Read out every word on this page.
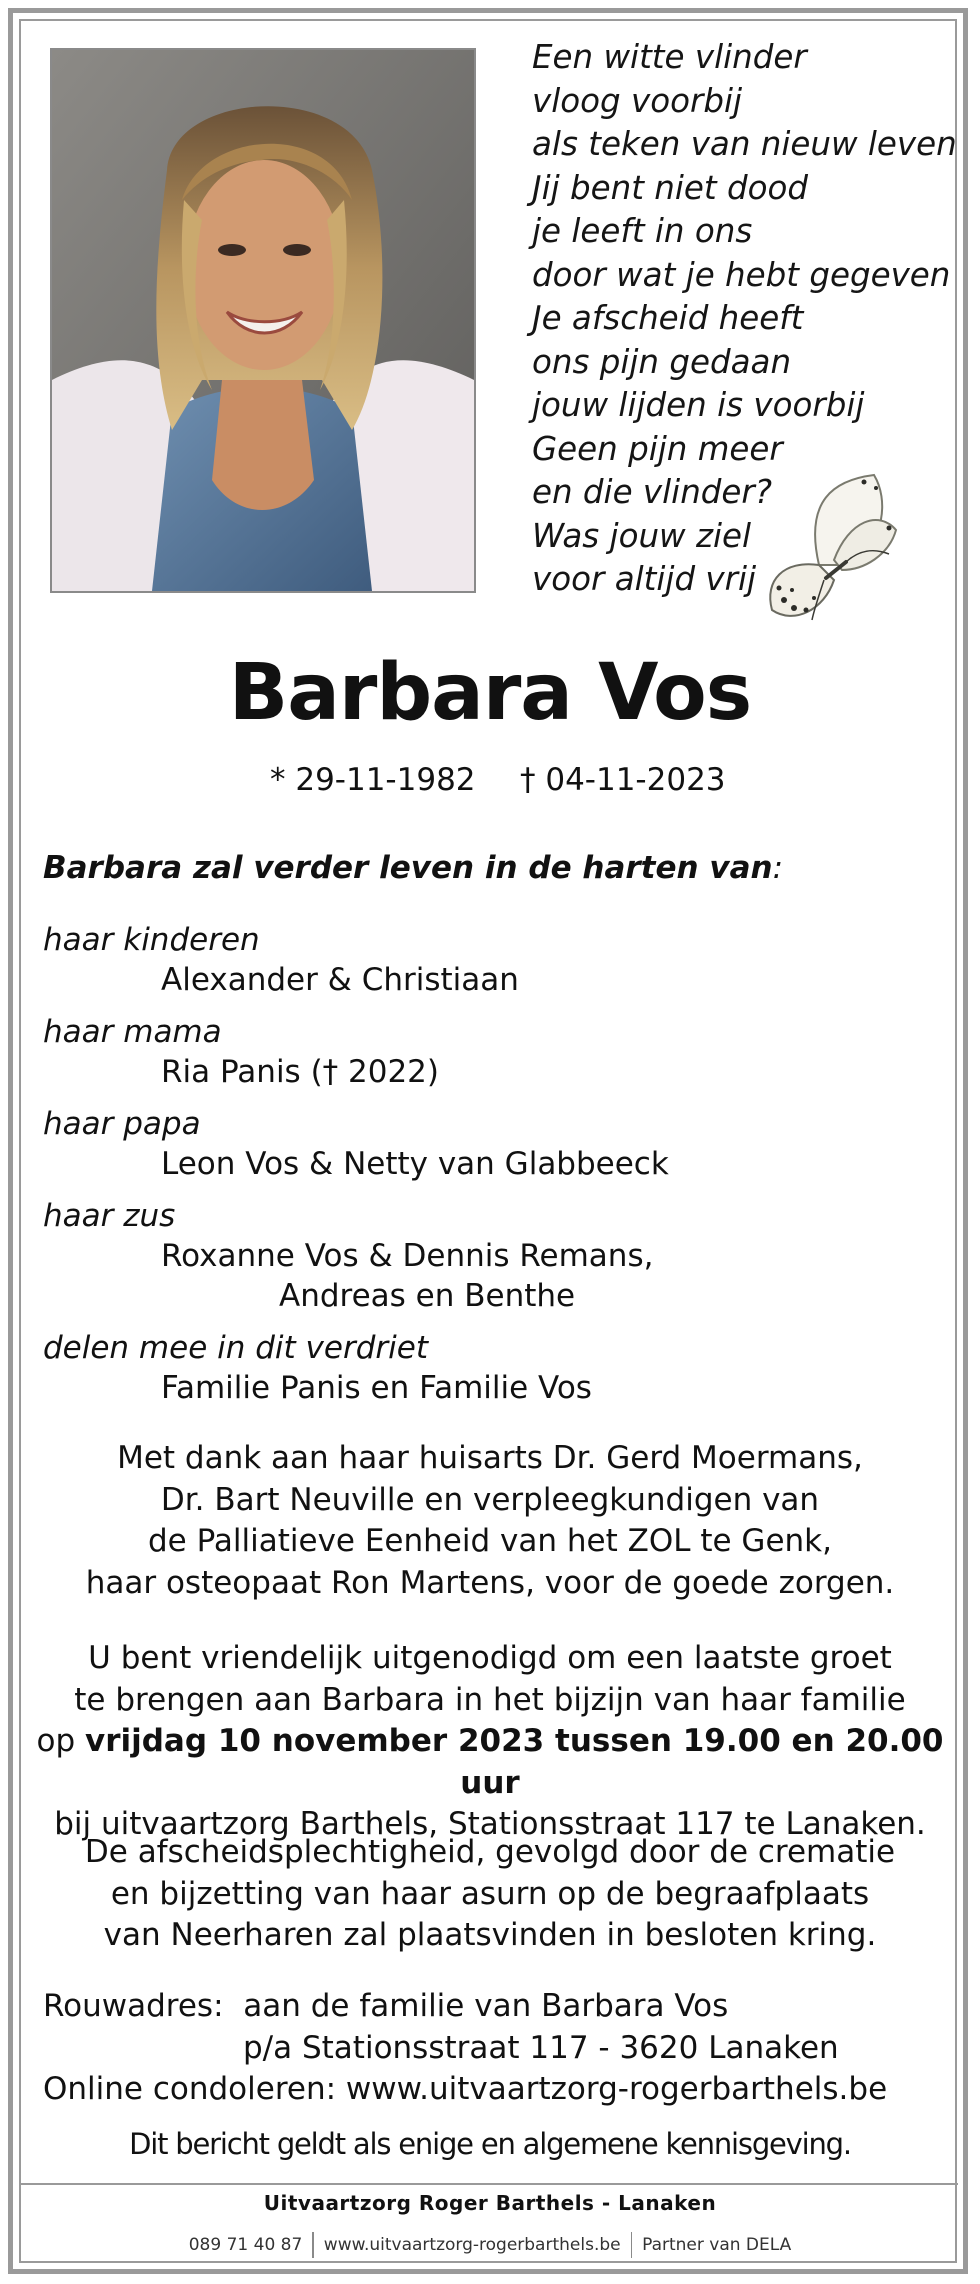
Een witte vlinder
vloog voorbij
als teken van nieuw leven
Jij bent niet dood
je leeft in ons
door wat je hebt gegeven
Je afscheid heeft
ons pijn gedaan
jouw lijden is voorbij
Geen pijn meer
en die vlinder?
Was jouw ziel
voor altijd vrij
Barbara Vos
* 29-11-1982 † 04-11-2023
Barbara zal verder leven in de harten van:
haar kinderen
Alexander & Christiaan
haar mama
Ria Panis († 2022)
haar papa
Leon Vos & Netty van Glabbeeck
haar zus
Roxanne Vos & Dennis Remans,
Andreas en Benthe
delen mee in dit verdriet
Familie Panis en Familie Vos

Met dank aan haar huisarts Dr. Gerd Moermans,

Dr. Bart Neuville en verpleegkundigen van

de Palliatieve Eenheid van het ZOL te Genk,

haar osteopaat Ron Martens, voor de goede zorgen.

U bent vriendelijk uitgenodigd om een laatste groet

te brengen aan Barbara in het bijzijn van haar familie

op vrijdag 10 november 2023 tussen 19.00 en 20.00 uur

bij uitvaartzorg Barthels, Stationsstraat 117 te Lanaken.

De afscheidsplechtigheid, gevolgd door de crematie

en bijzetting van haar asurn op de begraafplaats

van Neerharen zal plaatsvinden in besloten kring.

Rouwadres: aan de familie van Barbara Vos

p/a Stationsstraat 117 - 3620 Lanaken

Online condoleren: www.uitvaartzorg-rogerbarthels.be

Dit bericht geldt als enige en algemene kennisgeving.
Uitvaartzorg Roger Barthels - Lanaken
089 71 40 87 www.uitvaartzorg-rogerbarthels.be Partner van DELA
